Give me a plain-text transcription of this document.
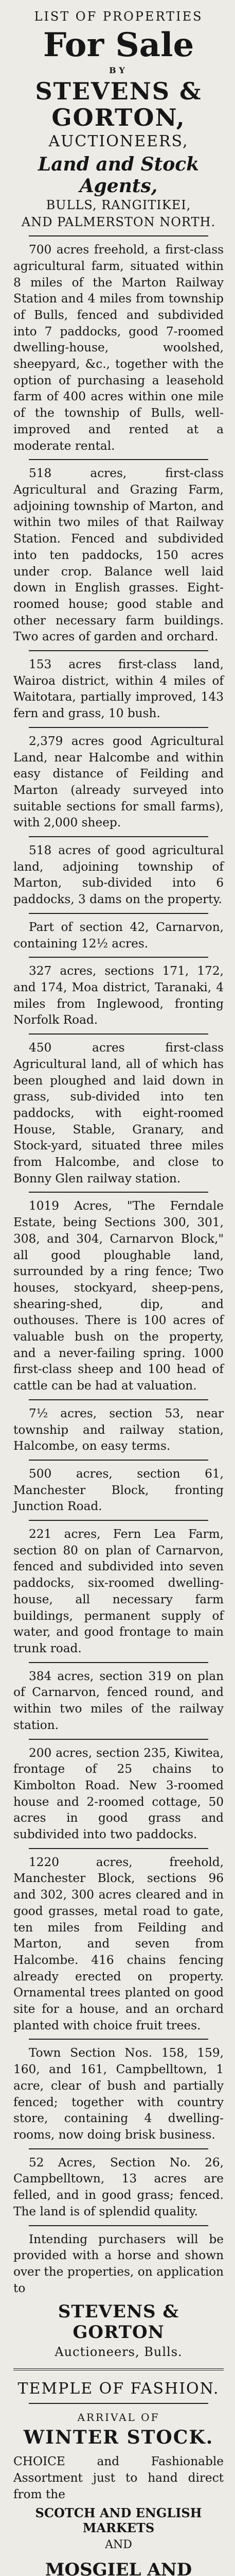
LIST OF PROPERTIES
For Sale
BY
STEVENS & GORTON,
AUCTIONEERS,
Land and Stock Agents,
BULLS, RANGITIKEI,
AND PALMERSTON NORTH.

700 acres freehold, a first-class agricultural farm, situated within 8 miles of the Marton Railway Station and 4 miles from township of Bulls, fenced and subdivided into 7 paddocks, good 7-roomed dwelling-house, woolshed, sheepyard, &c., together with the option of purchasing a leasehold farm of 400 acres within one mile of the township of Bulls, well-improved and rented at a moderate rental.

518 acres, first-class Agricultural and Grazing Farm, adjoining township of Marton, and within two miles of that Railway Station. Fenced and subdivided into ten paddocks, 150 acres under crop. Balance well laid down in English grasses. Eight-roomed house; good stable and other necessary farm buildings. Two acres of garden and orchard.

153 acres first-class land, Wairoa district, within 4 miles of Waitotara, partially improved, 143 fern and grass, 10 bush.

2,379 acres good Agricultural Land, near Halcombe and within easy distance of Feilding and Marton (already surveyed into suitable sections for small farms), with 2,000 sheep.

518 acres of good agricultural land, adjoining township of Marton, sub-divided into 6 paddocks, 3 dams on the property.

Part of section 42, Carnarvon, containing 12½ acres.

327 acres, sections 171, 172, and 174, Moa district, Taranaki, 4 miles from Inglewood, fronting Norfolk Road.

450 acres first-class Agricultural land, all of which has been ploughed and laid down in grass, sub-divided into ten paddocks, with eight-roomed House, Stable, Granary, and Stock-yard, situated three miles from Halcombe, and close to Bonny Glen railway station.

1019 Acres, "The Ferndale Estate, being Sections 300, 301, 308, and 304, Carnarvon Block," all good ploughable land, surrounded by a ring fence; Two houses, stockyard, sheep-pens, shearing-shed, dip, and outhouses. There is 100 acres of valuable bush on the property, and a never-failing spring. 1000 first-class sheep and 100 head of cattle can be had at valuation.

7½ acres, section 53, near township and railway station, Halcombe, on easy terms.

500 acres, section 61, Manchester Block, fronting Junction Road.

221 acres, Fern Lea Farm, section 80 on plan of Carnarvon, fenced and subdivided into seven paddocks, six-roomed dwelling-house, all necessary farm buildings, permanent supply of water, and good frontage to main trunk road.

384 acres, section 319 on plan of Carnarvon, fenced round, and within two miles of the railway station.

200 acres, section 235, Kiwitea, frontage of 25 chains to Kimbolton Road. New 3-roomed house and 2-roomed cottage, 50 acres in good grass and subdivided into two paddocks.

1220 acres, freehold, Manchester Block, sections 96 and 302, 300 acres cleared and in good grasses, metal road to gate, ten miles from Feilding and Marton, and seven from Halcombe. 416 chains fencing already erected on property. Ornamental trees planted on good site for a house, and an orchard planted with choice fruit trees.

Town Section Nos. 158, 159, 160, and 161, Campbelltown, 1 acre, clear of bush and partially fenced; together with country store, containing 4 dwelling-rooms, now doing brisk business.

52 Acres, Section No. 26, Campbelltown, 13 acres are felled, and in good grass; fenced. The land is of splendid quality.

Intending purchasers will be provided with a horse and shown over the properties, on application to

STEVENS & GORTON
Auctioneers, Bulls.
TEMPLE OF FASHION.
ARRIVAL OF
WINTER STOCK.

CHOICE and Fashionable Assortment just to hand direct from the

SCOTCH AND ENGLISH MARKETS
AND
MOSGIEL AND
